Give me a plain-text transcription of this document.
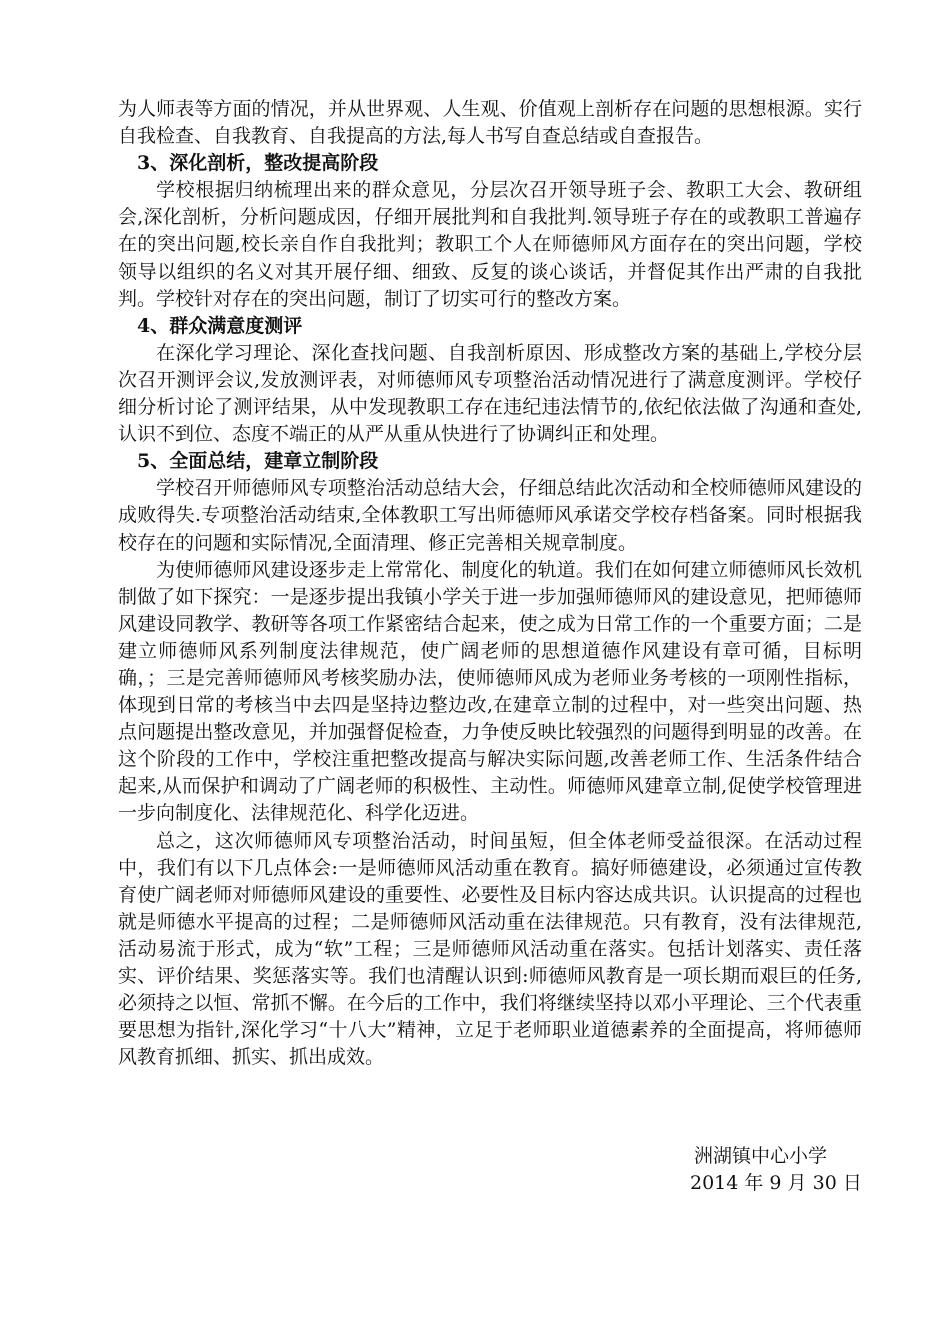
为人师表等方面的情况，并从世界观、人生观、价值观上剖析存在问题的思想根源。实行自我检查、自我教育、自我提高的方法,每人书写自查总结或自查报告。

3、深化剖析，整改提高阶段

学校根据归纳梳理出来的群众意见，分层次召开领导班子会、教职工大会、教研组会,深化剖析，分析问题成因，仔细开展批判和自我批判.领导班子存在的或教职工普遍存在的突出问题,校长亲自作自我批判；教职工个人在师德师风方面存在的突出问题，学校领导以组织的名义对其开展仔细、细致、反复的谈心谈话，并督促其作出严肃的自我批判。学校针对存在的突出问题，制订了切实可行的整改方案。

4、群众满意度测评

在深化学习理论、深化查找问题、自我剖析原因、形成整改方案的基础上,学校分层次召开测评会议,发放测评表，对师德师风专项整治活动情况进行了满意度测评。学校仔细分析讨论了测评结果，从中发现教职工存在违纪违法情节的,依纪依法做了沟通和查处,认识不到位、态度不端正的从严从重从快进行了协调纠正和处理。

5、全面总结，建章立制阶段

学校召开师德师风专项整治活动总结大会，仔细总结此次活动和全校师德师风建设的成败得失.专项整治活动结束,全体教职工写出师德师风承诺交学校存档备案。同时根据我校存在的问题和实际情况,全面清理、修正完善相关规章制度。

为使师德师风建设逐步走上常常化、制度化的轨道。我们在如何建立师德师风长效机制做了如下探究：一是逐步提出我镇小学关于进一步加强师德师风的建设意见，把师德师风建设同教学、教研等各项工作紧密结合起来，使之成为日常工作的一个重要方面；二是建立师德师风系列制度法律规范，使广阔老师的思想道德作风建设有章可循，目标明确，；三是完善师德师风考核奖励办法，使师德师风成为老师业务考核的一项刚性指标，体现到日常的考核当中去四是坚持边整边改,在建章立制的过程中，对一些突出问题、热点问题提出整改意见，并加强督促检查，力争使反映比较强烈的问题得到明显的改善。在这个阶段的工作中，学校注重把整改提高与解决实际问题,改善老师工作、生活条件结合起来,从而保护和调动了广阔老师的积极性、主动性。师德师风建章立制,促使学校管理进一步向制度化、法律规范化、科学化迈进。

总之，这次师德师风专项整治活动，时间虽短，但全体老师受益很深。在活动过程中，我们有以下几点体会:一是师德师风活动重在教育。搞好师德建设，必须通过宣传教育使广阔老师对师德师风建设的重要性、必要性及目标内容达成共识。认识提高的过程也就是师德水平提高的过程；二是师德师风活动重在法律规范。只有教育，没有法律规范,活动易流于形式，成为“软”工程；三是师德师风活动重在落实。包括计划落实、责任落实、评价结果、奖惩落实等。我们也清醒认识到:师德师风教育是一项长期而艰巨的任务,必须持之以恒、常抓不懈。在今后的工作中，我们将继续坚持以邓小平理论、三个代表重要思想为指针,深化学习“十八大”精神，立足于老师职业道德素养的全面提高，将师德师风教育抓细、抓实、抓出成效。

洲湖镇中心小学
2014 年 9 月 30 日
